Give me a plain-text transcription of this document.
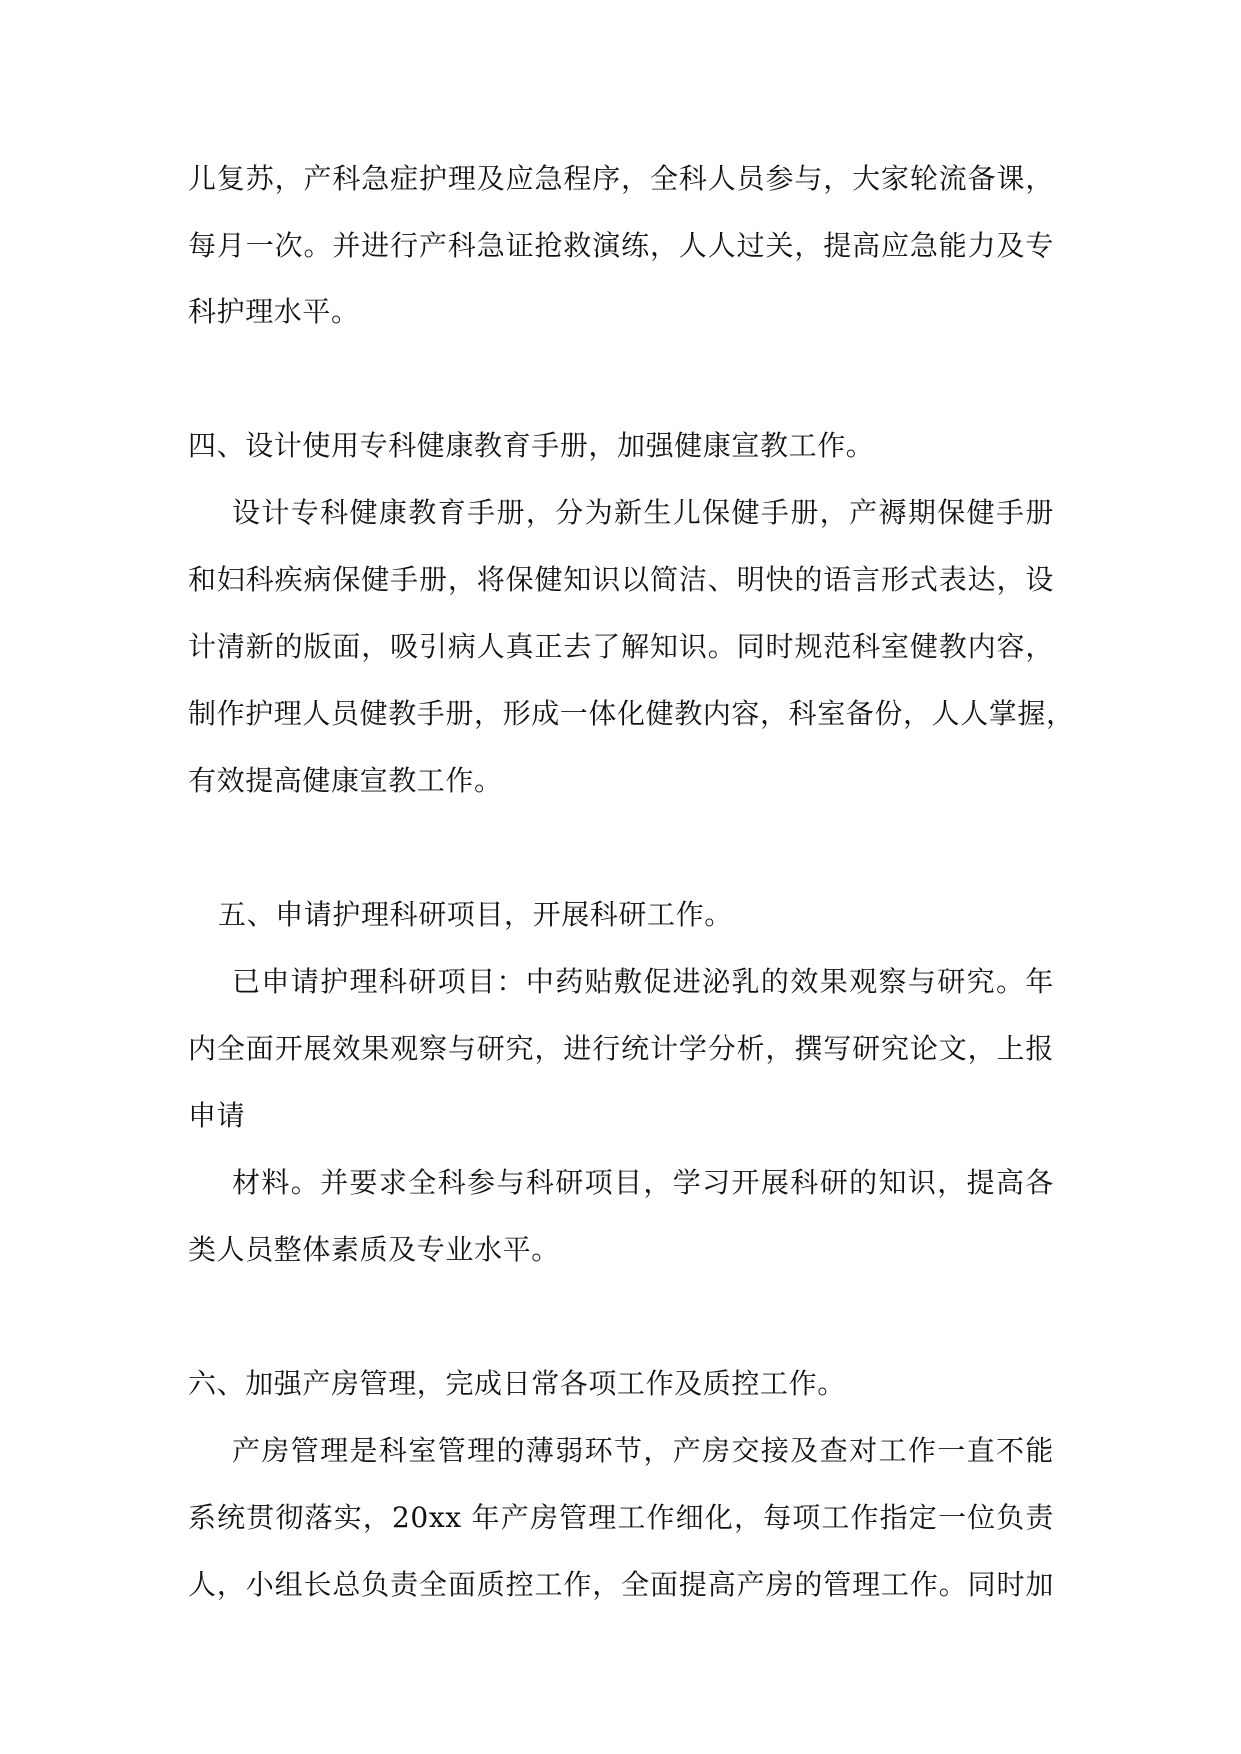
儿复苏，产科急症护理及应急程序，全科人员参与，大家轮流备课，
每月一次。并进行产科急证抢救演练，人人过关，提高应急能力及专
科护理水平。
四、设计使用专科健康教育手册，加强健康宣教工作。
设计专科健康教育手册，分为新生儿保健手册，产褥期保健手册
和妇科疾病保健手册，将保健知识以简洁、明快的语言形式表达，设
计清新的版面，吸引病人真正去了解知识。同时规范科室健教内容，
制作护理人员健教手册，形成一体化健教内容，科室备份，人人掌握，
有效提高健康宣教工作。
五、申请护理科研项目，开展科研工作。
已申请护理科研项目：中药贴敷促进泌乳的效果观察与研究。年
内全面开展效果观察与研究，进行统计学分析，撰写研究论文，上报
申请
材料。并要求全科参与科研项目，学习开展科研的知识，提高各
类人员整体素质及专业水平。
六、加强产房管理，完成日常各项工作及质控工作。
产房管理是科室管理的薄弱环节，产房交接及查对工作一直不能
系统贯彻落实，20xx 年产房管理工作细化，每项工作指定一位负责
人，小组长总负责全面质控工作，全面提高产房的管理工作。同时加
